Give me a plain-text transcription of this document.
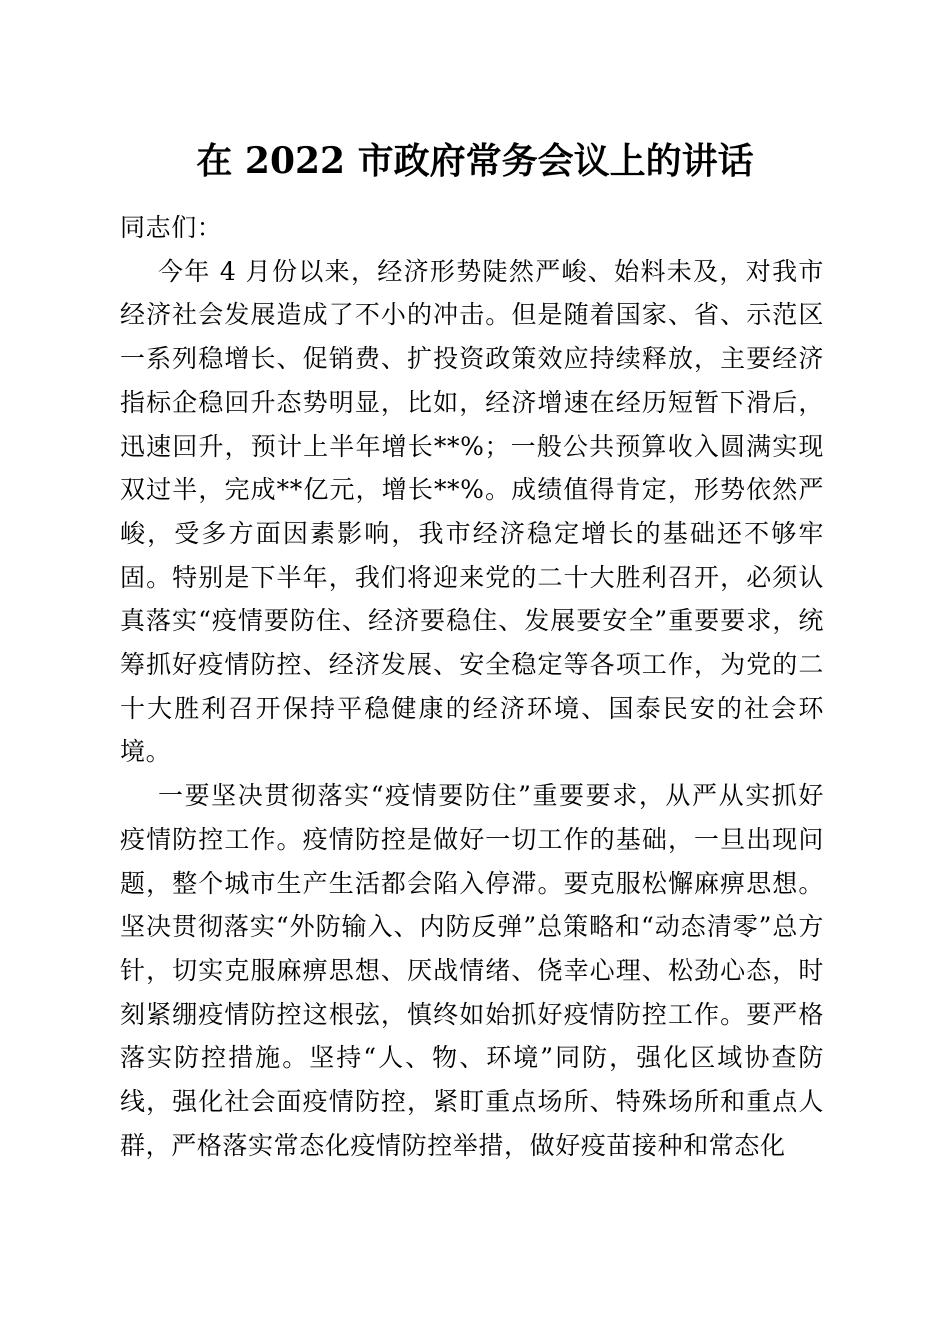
在 2022 市政府常务会议上的讲话

同志们：

今年 4 月份以来，经济形势陡然严峻、始料未及，对我市经济社会发展造成了不小的冲击。但是随着国家、省、示范区一系列稳增长、促销费、扩投资政策效应持续释放，主要经济指标企稳回升态势明显，比如，经济增速在经历短暂下滑后，迅速回升，预计上半年增长**%；一般公共预算收入圆满实现双过半，完成**亿元，增长**%。成绩值得肯定，形势依然严峻，受多方面因素影响，我市经济稳定增长的基础还不够牢固。特别是下半年，我们将迎来党的二十大胜利召开，必须认真落实“疫情要防住、经济要稳住、发展要安全”重要要求，统筹抓好疫情防控、经济发展、安全稳定等各项工作，为党的二十大胜利召开保持平稳健康的经济环境、国泰民安的社会环境。

一要坚决贯彻落实“疫情要防住”重要要求，从严从实抓好疫情防控工作。疫情防控是做好一切工作的基础，一旦出现问题，整个城市生产生活都会陷入停滞。要克服松懈麻痹思想。坚决贯彻落实“外防输入、内防反弹”总策略和“动态清零”总方针，切实克服麻痹思想、厌战情绪、侥幸心理、松劲心态，时刻紧绷疫情防控这根弦，慎终如始抓好疫情防控工作。要严格落实防控措施。坚持“人、物、环境”同防，强化区域协查防线，强化社会面疫情防控，紧盯重点场所、特殊场所和重点人群，严格落实常态化疫情防控举措，做好疫苗接种和常态化
